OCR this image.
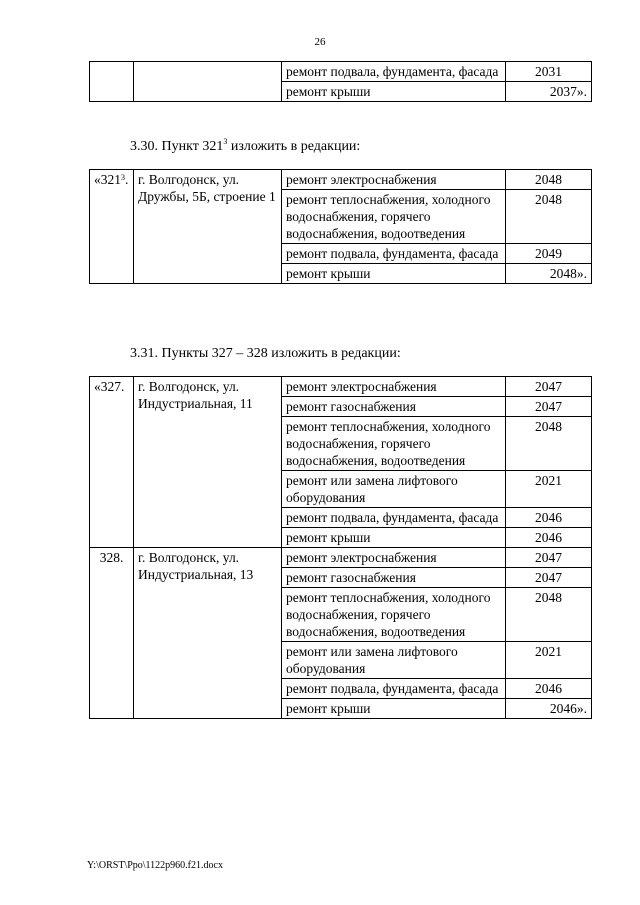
26
		ремонт подвала, фундамента, фасада	2031
		ремонт крыши	2037».
3.30. Пункт $321^3$ изложить в редакции:
«$321^3$.	г. Волгодонск, ул. Дружбы, 5Б, строение 1	ремонт электроснабжения	2048
		ремонт теплоснабжения, холодного водоснабжения, горячего водоснабжения, водоотведения	2048
		ремонт подвала, фундамента, фасада	2049
		ремонт крыши	2048».
3.31. Пункты 327 – 328 изложить в редакции:
«327.	г. Волгодонск, ул. Индустриальная, 11	ремонт электроснабжения	2047
		ремонт газоснабжения	2047
		ремонт теплоснабжения, холодного водоснабжения, горячего водоснабжения, водоотведения	2048
		ремонт или замена лифтового оборудования	2021
		ремонт подвала, фундамента, фасада	2046
		ремонт крыши	2046
328.	г. Волгодонск, ул. Индустриальная, 13	ремонт электроснабжения	2047
		ремонт газоснабжения	2047
		ремонт теплоснабжения, холодного водоснабжения, горячего водоснабжения, водоотведения	2048
		ремонт или замена лифтового оборудования	2021
		ремонт подвала, фундамента, фасада	2046
		ремонт крыши	2046».
Y:\ORST\Ppo\1122p960.f21.docx
